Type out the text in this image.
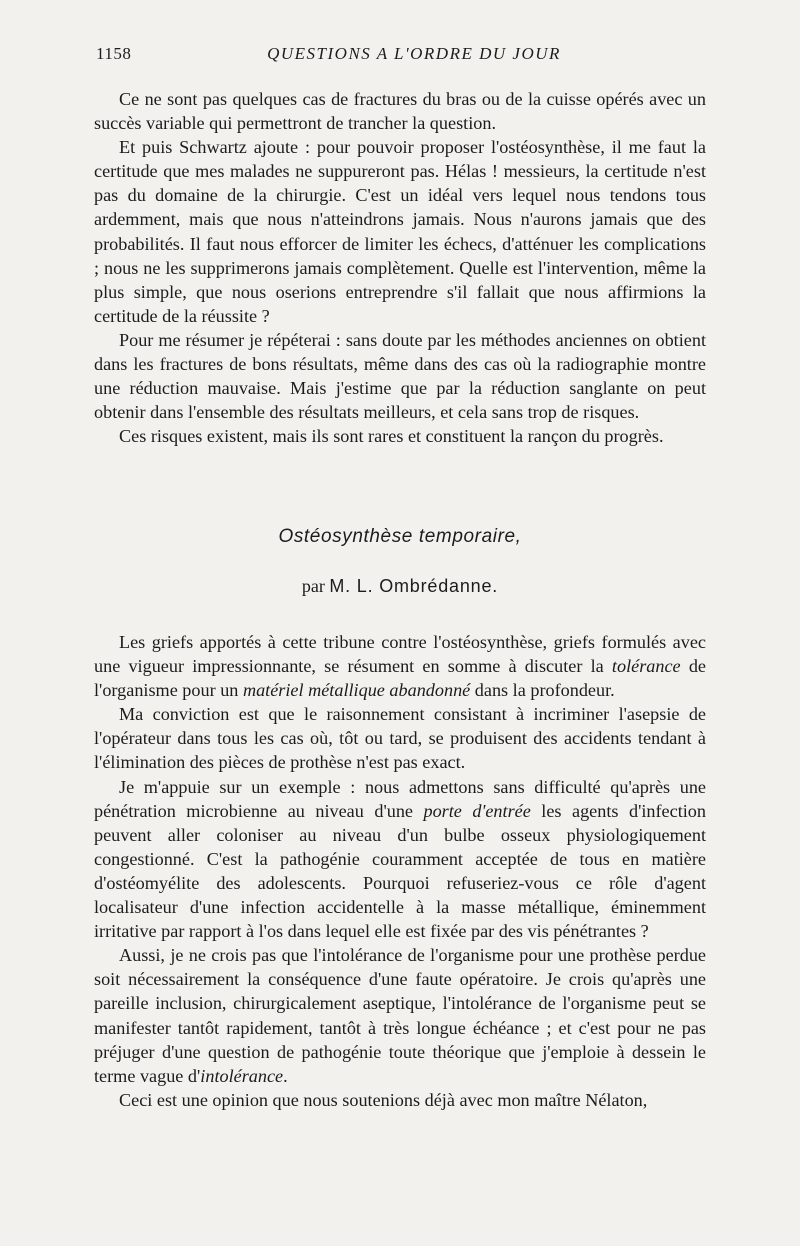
1158	QUESTIONS A L'ORDRE DU JOUR

Ce ne sont pas quelques cas de fractures du bras ou de la cuisse opérés avec un succès variable qui permettront de trancher la question.

Et puis Schwartz ajoute : pour pouvoir proposer l'ostéosynthèse, il me faut la certitude que mes malades ne suppureront pas. Hélas ! messieurs, la certitude n'est pas du domaine de la chirurgie. C'est un idéal vers lequel nous tendons tous ardemment, mais que nous n'atteindrons jamais. Nous n'aurons jamais que des probabilités. Il faut nous efforcer de limiter les échecs, d'atténuer les complications ; nous ne les supprimerons jamais complètement. Quelle est l'intervention, même la plus simple, que nous oserions entreprendre s'il fallait que nous affirmions la certitude de la réussite ?

Pour me résumer je répéterai : sans doute par les méthodes anciennes on obtient dans les fractures de bons résultats, même dans des cas où la radiographie montre une réduction mauvaise. Mais j'estime que par la réduction sanglante on peut obtenir dans l'ensemble des résultats meilleurs, et cela sans trop de risques.

Ces risques existent, mais ils sont rares et constituent la rançon du progrès.

Ostéosynthèse temporaire,
par M. L. Ombrédanne.

Les griefs apportés à cette tribune contre l'ostéosynthèse, griefs formulés avec une vigueur impressionnante, se résument en somme à discuter la tolérance de l'organisme pour un matériel métallique abandonné dans la profondeur.

Ma conviction est que le raisonnement consistant à incriminer l'asepsie de l'opérateur dans tous les cas où, tôt ou tard, se produisent des accidents tendant à l'élimination des pièces de prothèse n'est pas exact.

Je m'appuie sur un exemple : nous admettons sans difficulté qu'après une pénétration microbienne au niveau d'une porte d'entrée les agents d'infection peuvent aller coloniser au niveau d'un bulbe osseux physiologiquement congestionné. C'est la pathogénie couramment acceptée de tous en matière d'ostéomyélite des adolescents. Pourquoi refuseriez-vous ce rôle d'agent localisateur d'une infection accidentelle à la masse métallique, éminemment irritative par rapport à l'os dans lequel elle est fixée par des vis pénétrantes ?

Aussi, je ne crois pas que l'intolérance de l'organisme pour une prothèse perdue soit nécessairement la conséquence d'une faute opératoire. Je crois qu'après une pareille inclusion, chirurgicalement aseptique, l'intolérance de l'organisme peut se manifester tantôt rapidement, tantôt à très longue échéance ; et c'est pour ne pas préjuger d'une question de pathogénie toute théorique que j'emploie à dessein le terme vague d'intolérance.

Ceci est une opinion que nous soutenions déjà avec mon maître Nélaton,
